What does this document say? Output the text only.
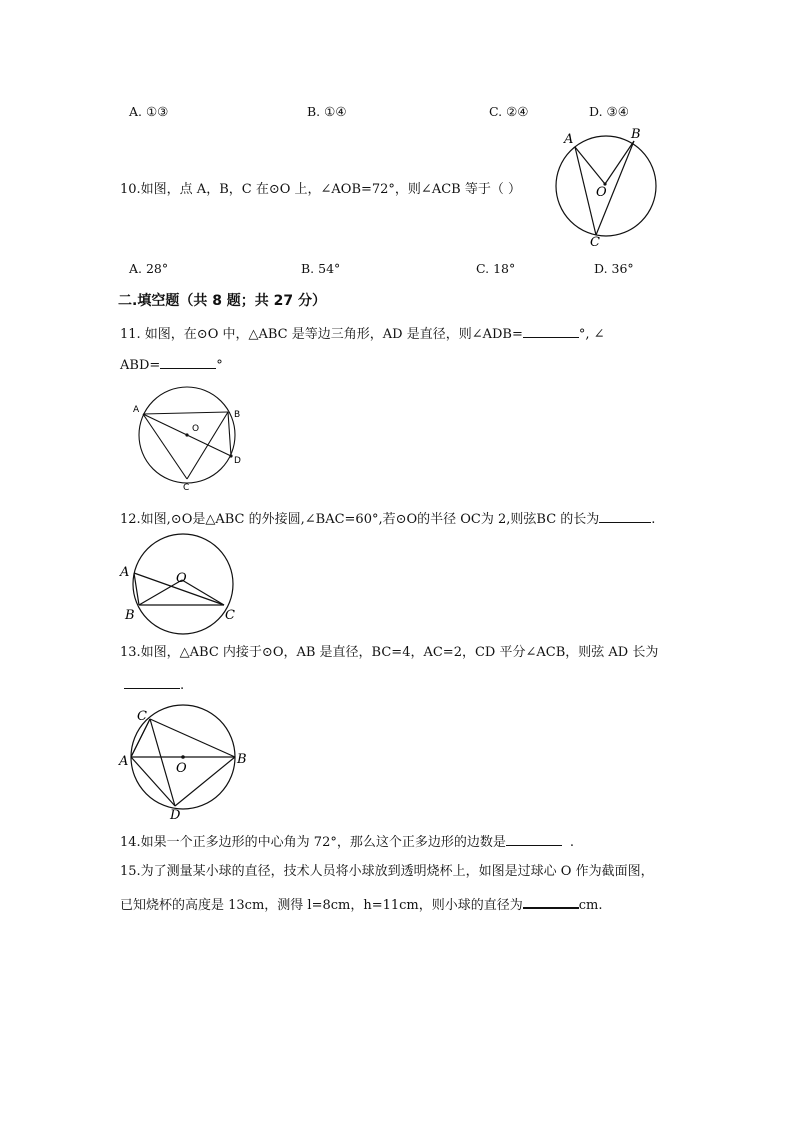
A. ①③	B. ①④	C. ②④	D. ③④
A	B
O
C
10.如图，点 A，B，C 在⊙O 上，∠AOB=72°，则∠ACB 等于（ ）
A. 28°	B. 54°	C. 18°	D. 36°
二.填空题（共 8 题；共 27 分）
11. 如图，在⊙O 中，△ABC 是等边三角形，AD 是直径，则∠ADB=	°, ∠
ABD=	°
A	B
O
D
C
12.如图,⊙O是△ABC 的外接圆,∠BAC=60°,若⊙O的半径 OC为 2,则弦BC 的长为	.
A	O
B	C
13.如图，△ABC 内接于⊙O，AB 是直径，BC=4，AC=2，CD 平分∠ACB，则弦 AD 长为
.
C
A	O
B
D
14.如果一个正多边形的中心角为 72°，那么这个正多边形的边数是	.
15.为了测量某小球的直径，技术人员将小球放到透明烧杯上，如图是过球心 O 作为截面图，
已知烧杯的高度是 13cm，测得 l=8cm，h=11cm，则小球的直径为	cm.
